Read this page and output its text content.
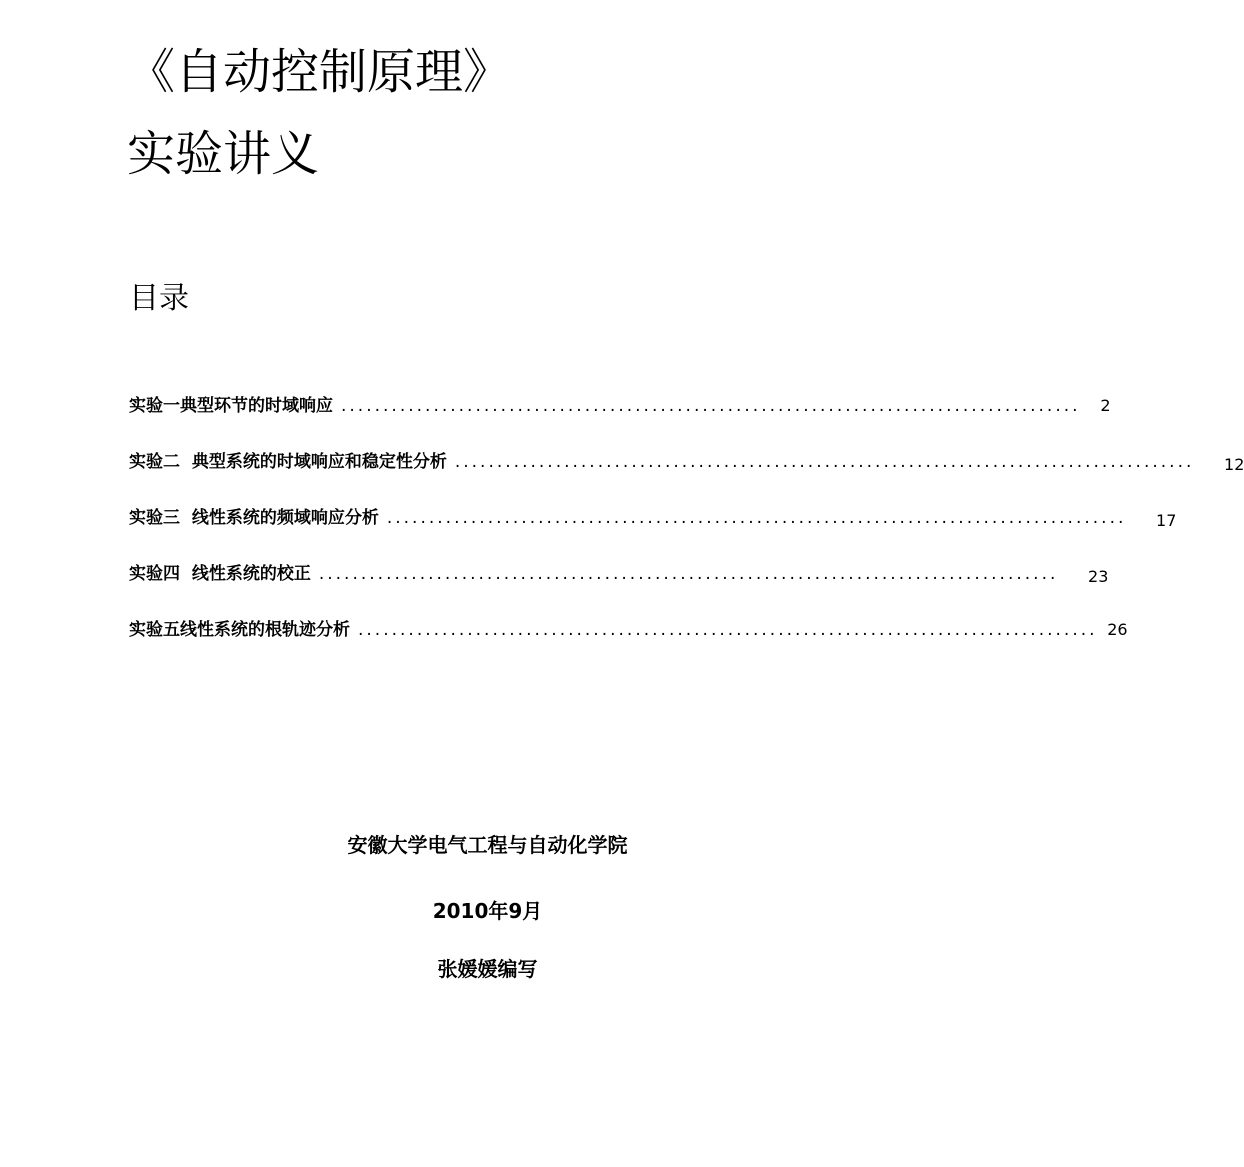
《自动控制原理》
实验讲义
目录
实验一典型环节的时域响应 ........................................................................................	2
实验二  典型系统的时域响应和稳定性分析 ........................................................................................	12
实验三  线性系统的频域响应分析 ........................................................................................	17
实验四  线性系统的校正 ........................................................................................	23
实验五线性系统的根轨迹分析 ........................................................................................ 26
安徽大学电气工程与自动化学院
2010年9月
张媛媛编写
